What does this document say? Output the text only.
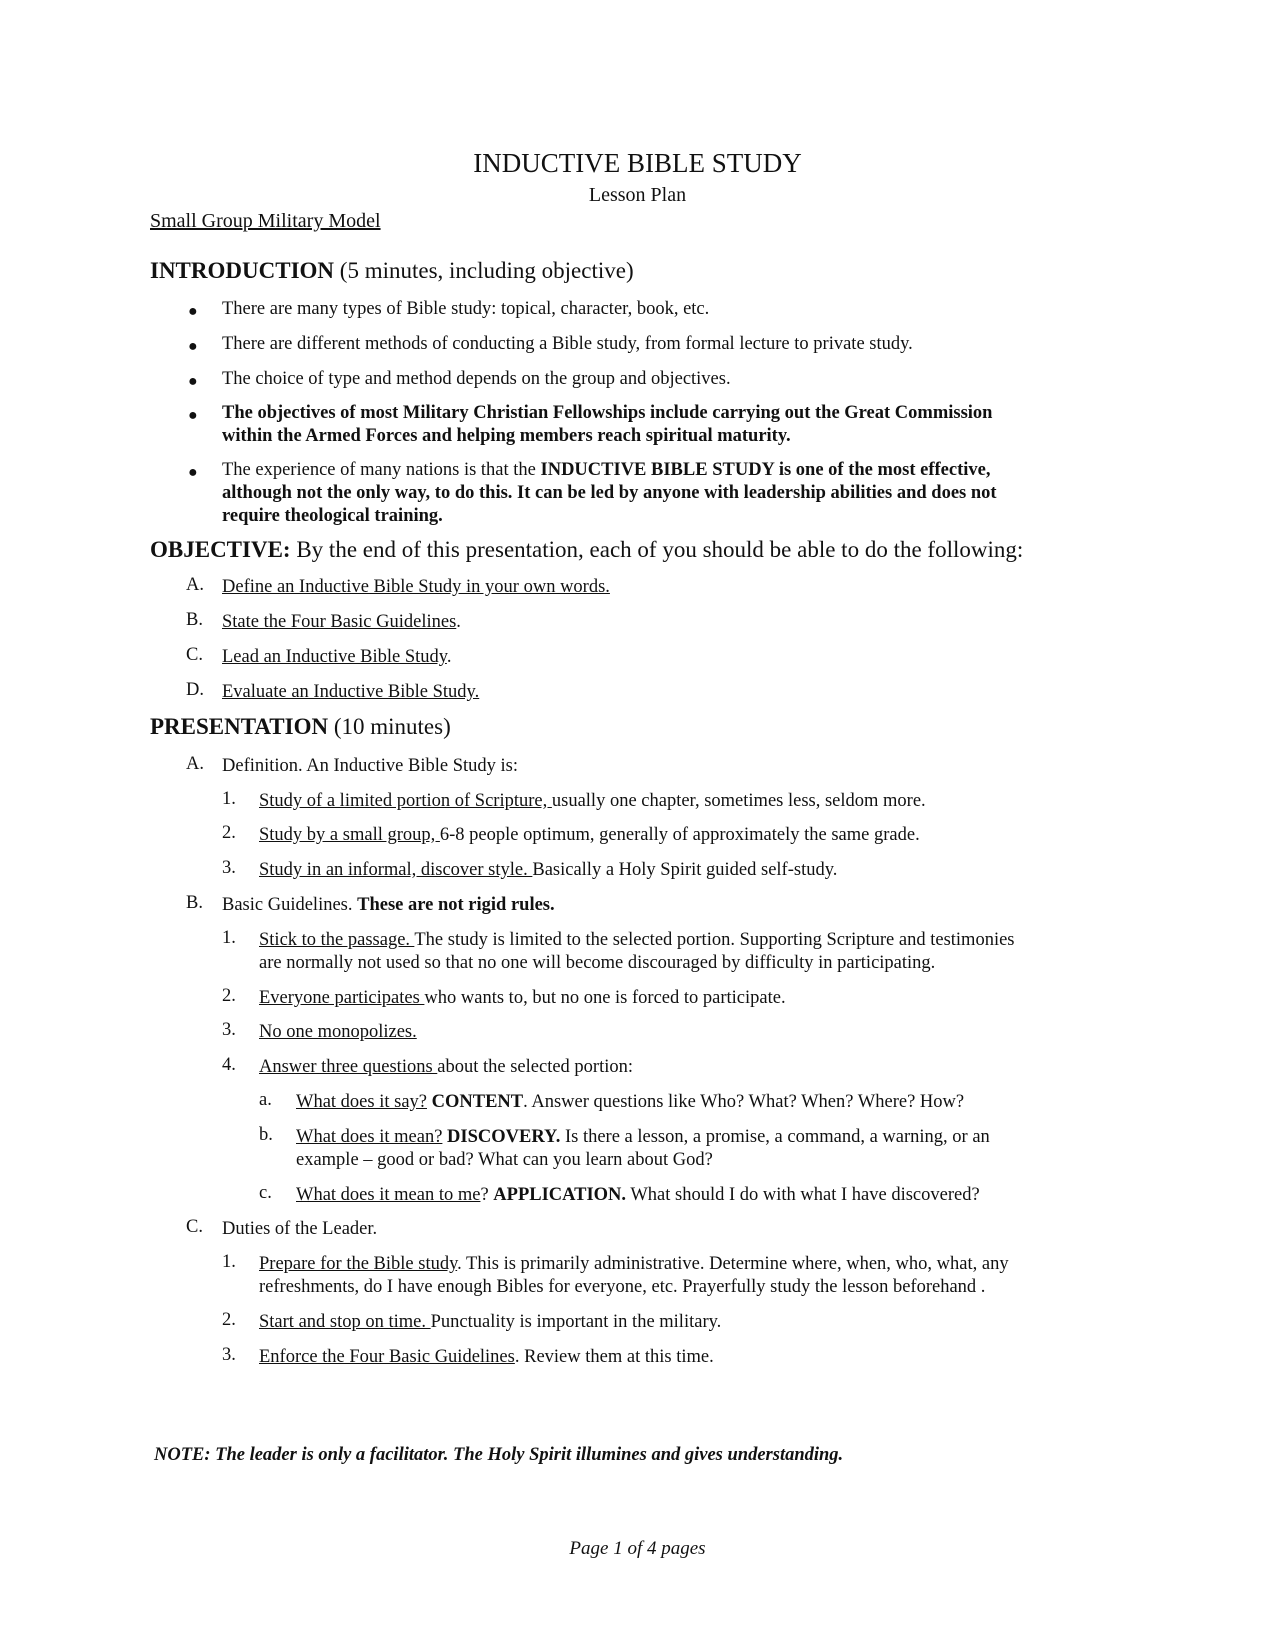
INDUCTIVE BIBLE STUDY
Lesson Plan
Small Group Military Model
INTRODUCTION (5 minutes, including objective)
● There are many types of Bible study: topical, character, book, etc.
● There are different methods of conducting a Bible study, from formal lecture to private study.
● The choice of type and method depends on the group and objectives.
● The objectives of most Military Christian Fellowships include carrying out the Great Commission
within the Armed Forces and helping members reach spiritual maturity.
● The experience of many nations is that the INDUCTIVE BIBLE STUDY is one of the most effective,
although not the only way, to do this. It can be led by anyone with leadership abilities and does not
require theological training.
OBJECTIVE: By the end of this presentation, each of you should be able to do the following:
A. Define an Inductive Bible Study in your own words.
B. State the Four Basic Guidelines.
C. Lead an Inductive Bible Study.
D. Evaluate an Inductive Bible Study.
PRESENTATION (10 minutes)
A. Definition. An Inductive Bible Study is:
1. Study of a limited portion of Scripture, usually one chapter, sometimes less, seldom more.
2. Study by a small group, 6-8 people optimum, generally of approximately the same grade.
3. Study in an informal, discover style. Basically a Holy Spirit guided self-study.
B. Basic Guidelines. These are not rigid rules.
1. Stick to the passage. The study is limited to the selected portion. Supporting Scripture and testimonies
are normally not used so that no one will become discouraged by difficulty in participating.
2. Everyone participates who wants to, but no one is forced to participate.
3. No one monopolizes.
4. Answer three questions about the selected portion:
a. What does it say? CONTENT. Answer questions like Who? What? When? Where? How?
b. What does it mean? DISCOVERY. Is there a lesson, a promise, a command, a warning, or an
example – good or bad? What can you learn about God?
c. What does it mean to me? APPLICATION. What should I do with what I have discovered?
C. Duties of the Leader.
1. Prepare for the Bible study. This is primarily administrative. Determine where, when, who, what, any
refreshments, do I have enough Bibles for everyone, etc. Prayerfully study the lesson beforehand .
2. Start and stop on time. Punctuality is important in the military.
3. Enforce the Four Basic Guidelines. Review them at this time.
NOTE: The leader is only a facilitator. The Holy Spirit illumines and gives understanding.
Page 1 of 4 pages
